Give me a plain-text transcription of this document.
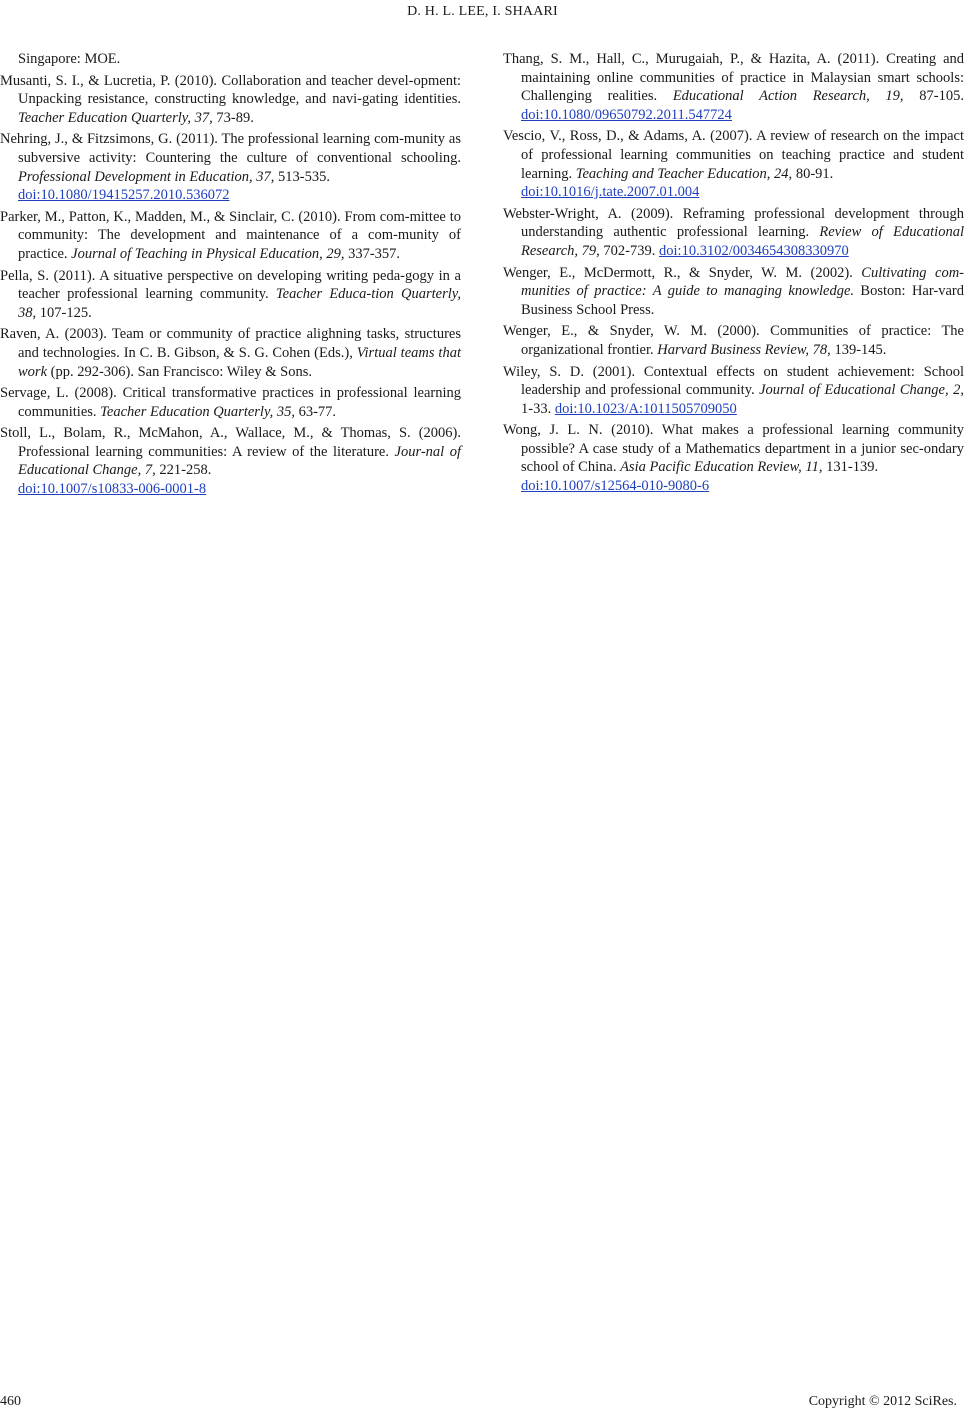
D. H. L. LEE, I. SHAARI

Singapore: MOE.

Musanti, S. I., & Lucretia, P. (2010). Collaboration and teacher devel-opment: Unpacking resistance, constructing knowledge, and navi-gating identities. Teacher Education Quarterly, 37, 73-89.

Nehring, J., & Fitzsimons, G. (2011). The professional learning com-munity as subversive activity: Countering the culture of conventional schooling. Professional Development in Education, 37, 513-535.
doi:10.1080/19415257.2010.536072

Parker, M., Patton, K., Madden, M., & Sinclair, C. (2010). From com-mittee to community: The development and maintenance of a com-munity of practice. Journal of Teaching in Physical Education, 29, 337-357.

Pella, S. (2011). A situative perspective on developing writing peda-gogy in a teacher professional learning community. Teacher Educa-tion Quarterly, 38, 107-125.

Raven, A. (2003). Team or community of practice alighning tasks, structures and technologies. In C. B. Gibson, & S. G. Cohen (Eds.), Virtual teams that work (pp. 292-306). San Francisco: Wiley & Sons.

Servage, L. (2008). Critical transformative practices in professional learning communities. Teacher Education Quarterly, 35, 63-77.

Stoll, L., Bolam, R., McMahon, A., Wallace, M., & Thomas, S. (2006). Professional learning communities: A review of the literature. Jour-nal of Educational Change, 7, 221-258.
doi:10.1007/s10833-006-0001-8

Thang, S. M., Hall, C., Murugaiah, P., & Hazita, A. (2011). Creating and maintaining online communities of practice in Malaysian smart schools: Challenging realities. Educational Action Research, 19, 87-105. doi:10.1080/09650792.2011.547724

Vescio, V., Ross, D., & Adams, A. (2007). A review of research on the impact of professional learning communities on teaching practice and student learning. Teaching and Teacher Education, 24, 80-91.
doi:10.1016/j.tate.2007.01.004

Webster-Wright, A. (2009). Reframing professional development through understanding authentic professional learning. Review of Educational Research, 79, 702-739. doi:10.3102/0034654308330970

Wenger, E., McDermott, R., & Snyder, W. M. (2002). Cultivating com-munities of practice: A guide to managing knowledge. Boston: Har-vard Business School Press.

Wenger, E., & Snyder, W. M. (2000). Communities of practice: The organizational frontier. Harvard Business Review, 78, 139-145.

Wiley, S. D. (2001). Contextual effects on student achievement: School leadership and professional community. Journal of Educational Change, 2, 1-33. doi:10.1023/A:1011505709050

Wong, J. L. N. (2010). What makes a professional learning community possible? A case study of a Mathematics department in a junior sec-ondary school of China. Asia Pacific Education Review, 11, 131-139.
doi:10.1007/s12564-010-9080-6

460	Copyright © 2012 SciRes.
